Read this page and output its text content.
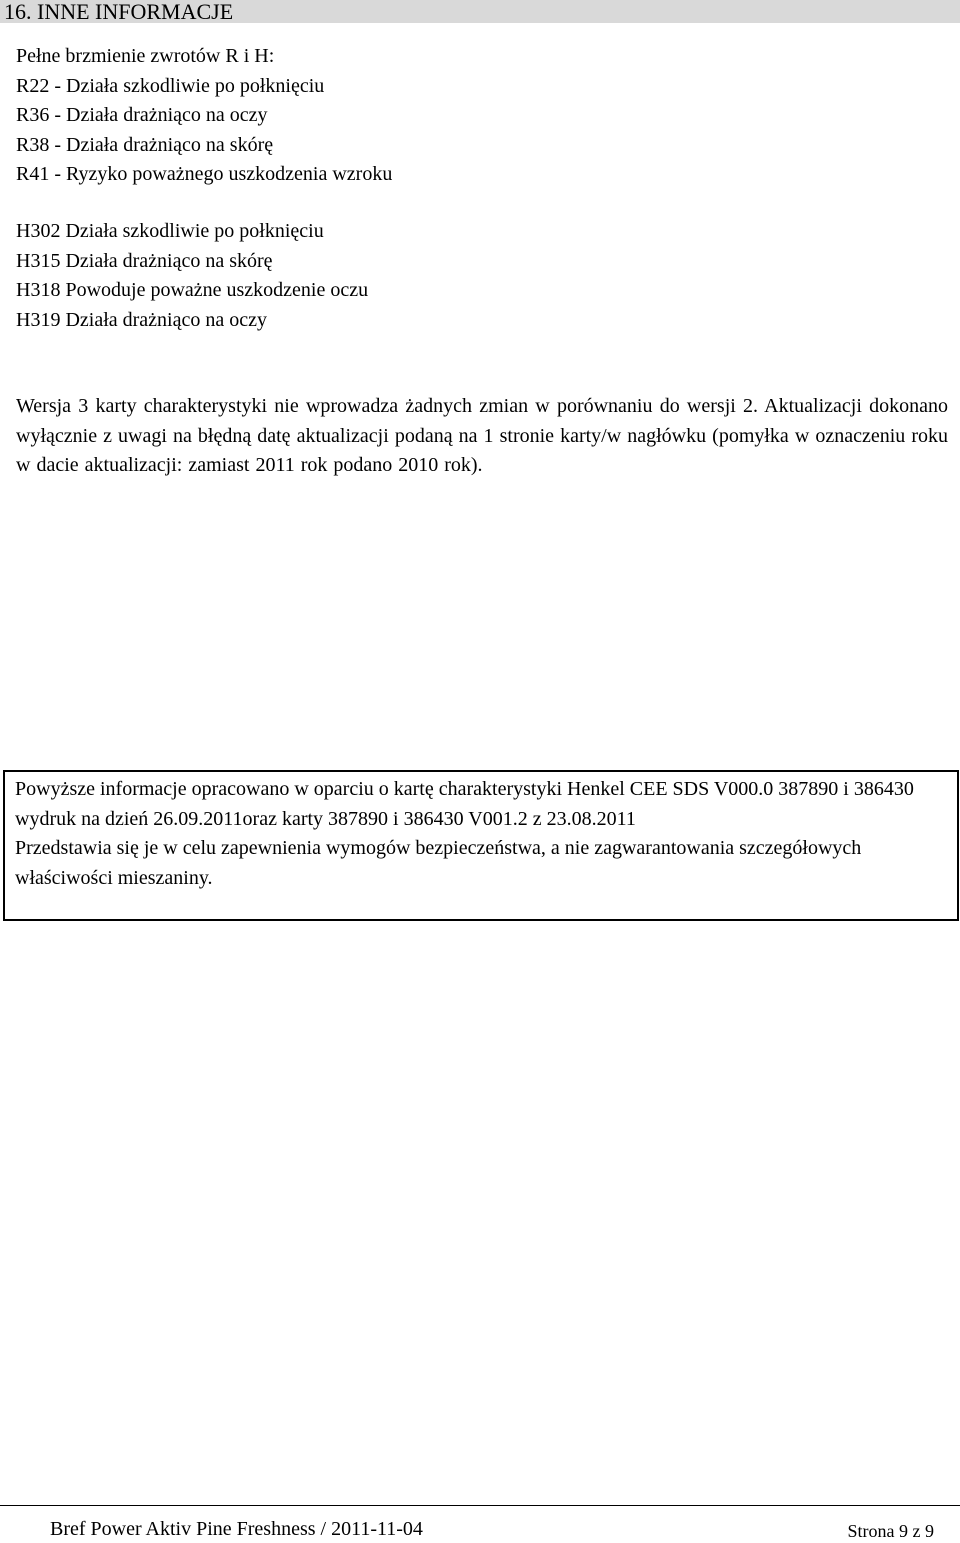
16. INNE INFORMACJE
Pełne brzmienie zwrotów R i H:
R22 - Działa szkodliwie po połknięciu
R36 - Działa drażniąco na oczy
R38 - Działa drażniąco na skórę
R41 - Ryzyko poważnego uszkodzenia wzroku
H302 Działa szkodliwie po połknięciu
H315 Działa drażniąco na skórę
H318 Powoduje poważne uszkodzenie oczu
H319 Działa drażniąco na oczy
Wersja 3 karty charakterystyki nie wprowadza żadnych zmian w porównaniu do wersji 2. Aktualizacji dokonano wyłącznie z uwagi na błędną datę aktualizacji podaną na 1 stronie karty/w nagłówku (pomyłka w oznaczeniu roku w dacie aktualizacji: zamiast 2011 rok podano 2010 rok).

Powyższe informacje opracowano w oparciu o kartę charakterystyki Henkel CEE SDS V000.0 387890 i 386430 wydruk na dzień 26.09.2011oraz karty 387890 i 386430 V001.2 z 23.08.2011

Przedstawia się je w celu zapewnienia wymogów bezpieczeństwa, a nie zagwarantowania szczegółowych właściwości mieszaniny.

Bref Power Aktiv Pine Freshness / 2011-11-04	Strona 9 z 9
